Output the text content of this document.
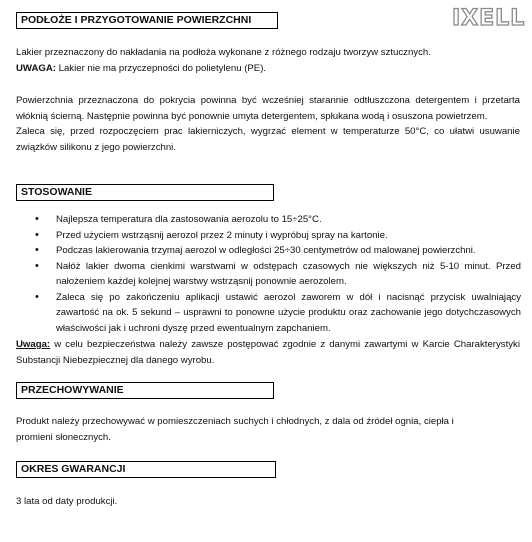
IXELL
PODŁOŻE I PRZYGOTOWANIE POWIERZCHNI

Lakier przeznaczony do nakładania na podłoża wykonane z różnego rodzaju tworzyw sztucznych.

UWAGA: Lakier nie ma przyczepności do polietylenu (PE).

Powierzchnia przeznaczona do pokrycia powinna być wcześniej starannie odtłuszczona detergentem i przetarta włóknią ścierną. Następnie powinna być ponownie umyta detergentem, spłukana wodą i osuszona powietrzem.

Zaleca się, przed rozpoczęciem prac lakierniczych, wygrzać element w temperaturze 50°C, co ułatwi usuwanie związków silikonu z jego powierzchni.

STOSOWANIE
• Najlepsza temperatura dla zastosowania aerozolu to 15÷25°C.
• Przed użyciem wstrząsnij aerozol przez 2 minuty i wypróbuj spray na kartonie.
• Podczas lakierowania trzymaj aerozol w odległości 25÷30 centymetrów od malowanej powierzchni.
• Nałóż lakier dwoma cienkimi warstwami w odstępach czasowych nie większych niż 5-10 minut. Przed nałożeniem każdej kolejnej warstwy wstrząsnij ponownie aerozolem.
• Zaleca się po zakończeniu aplikacji ustawić aerozol zaworem w dół i nacisnąć przycisk uwalniający zawartość na ok. 5 sekund – usprawni to ponowne użycie produktu oraz zachowanie jego dotychczasowych właściwości jak i uchroni dyszę przed ewentualnym zapchaniem.

Uwaga: w celu bezpieczeństwa należy zawsze postępować zgodnie z danymi zawartymi w Karcie Charakterystyki Substancji Niebezpiecznej dla danego wyrobu.

PRZECHOWYWANIE

Produkt należy przechowywać w pomieszczeniach suchych i chłodnych, z dala od źródeł ognia, ciepła i promieni słonecznych.

OKRES GWARANCJI

3 lata od daty produkcji.
